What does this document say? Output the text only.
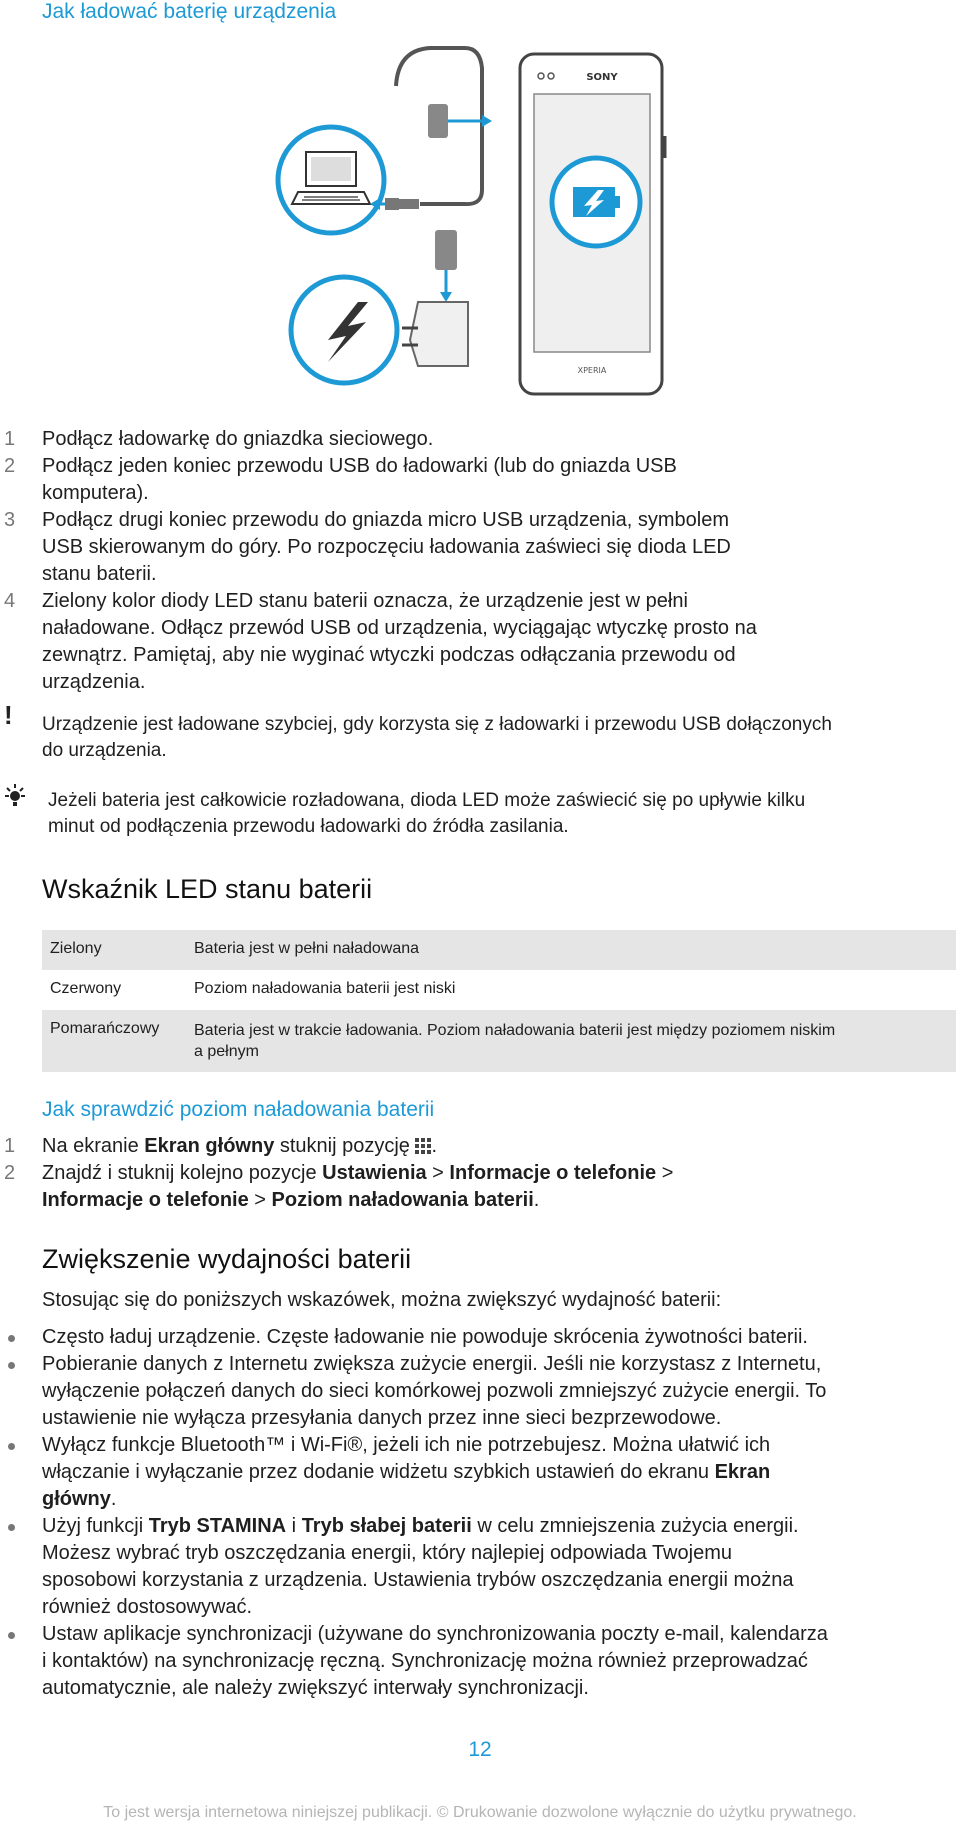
Jak ładować baterię urządzenia
SONY
XPERIA
1 Podłącz ładowarkę do gniazdka sieciowego.
2 Podłącz jeden koniec przewodu USB do ładowarki (lub do gniazda USB
komputera).
3 Podłącz drugi koniec przewodu do gniazda micro USB urządzenia, symbolem
USB skierowanym do góry. Po rozpoczęciu ładowania zaświeci się dioda LED
stanu baterii.
4 Zielony kolor diody LED stanu baterii oznacza, że urządzenie jest w pełni
naładowane. Odłącz przewód USB od urządzenia, wyciągając wtyczkę prosto na
zewnątrz. Pamiętaj, aby nie wyginać wtyczki podczas odłączania przewodu od
urządzenia.
! Urządzenie jest ładowane szybciej, gdy korzysta się z ładowarki i przewodu USB dołączonych
do urządzenia.
Jeżeli bateria jest całkowicie rozładowana, dioda LED może zaświecić się po upływie kilku
minut od podłączenia przewodu ładowarki do źródła zasilania.
Wskaźnik LED stanu baterii
Zielony	Bateria jest w pełni naładowana
Czerwony	Poziom naładowania baterii jest niski
Pomarańczowy Bateria jest w trakcie ładowania. Poziom naładowania baterii jest między poziomem niskim
a pełnym
Jak sprawdzić poziom naładowania baterii
1 Na ekranie Ekran główny stuknij pozycję .
2 Znajdź i stuknij kolejno pozycje Ustawienia > Informacje o telefonie >
Informacje o telefonie > Poziom naładowania baterii.
Zwiększenie wydajności baterii
Stosując się do poniższych wskazówek, można zwiększyć wydajność baterii:
Często ładuj urządzenie. Częste ładowanie nie powoduje skrócenia żywotności baterii.
Pobieranie danych z Internetu zwiększa zużycie energii. Jeśli nie korzystasz z Internetu,
wyłączenie połączeń danych do sieci komórkowej pozwoli zmniejszyć zużycie energii. To
ustawienie nie wyłącza przesyłania danych przez inne sieci bezprzewodowe.
Wyłącz funkcje Bluetooth™ i Wi-Fi®, jeżeli ich nie potrzebujesz. Można ułatwić ich
włączanie i wyłączanie przez dodanie widżetu szybkich ustawień do ekranu Ekran
główny.
Użyj funkcji Tryb STAMINA i Tryb słabej baterii w celu zmniejszenia zużycia energii.
Możesz wybrać tryb oszczędzania energii, który najlepiej odpowiada Twojemu
sposobowi korzystania z urządzenia. Ustawienia trybów oszczędzania energii można
również dostosowywać.
Ustaw aplikacje synchronizacji (używane do synchronizowania poczty e-mail, kalendarza
i kontaktów) na synchronizację ręczną. Synchronizację można również przeprowadzać
automatycznie, ale należy zwiększyć interwały synchronizacji.
12
To jest wersja internetowa niniejszej publikacji. © Drukowanie dozwolone wyłącznie do użytku prywatnego.
